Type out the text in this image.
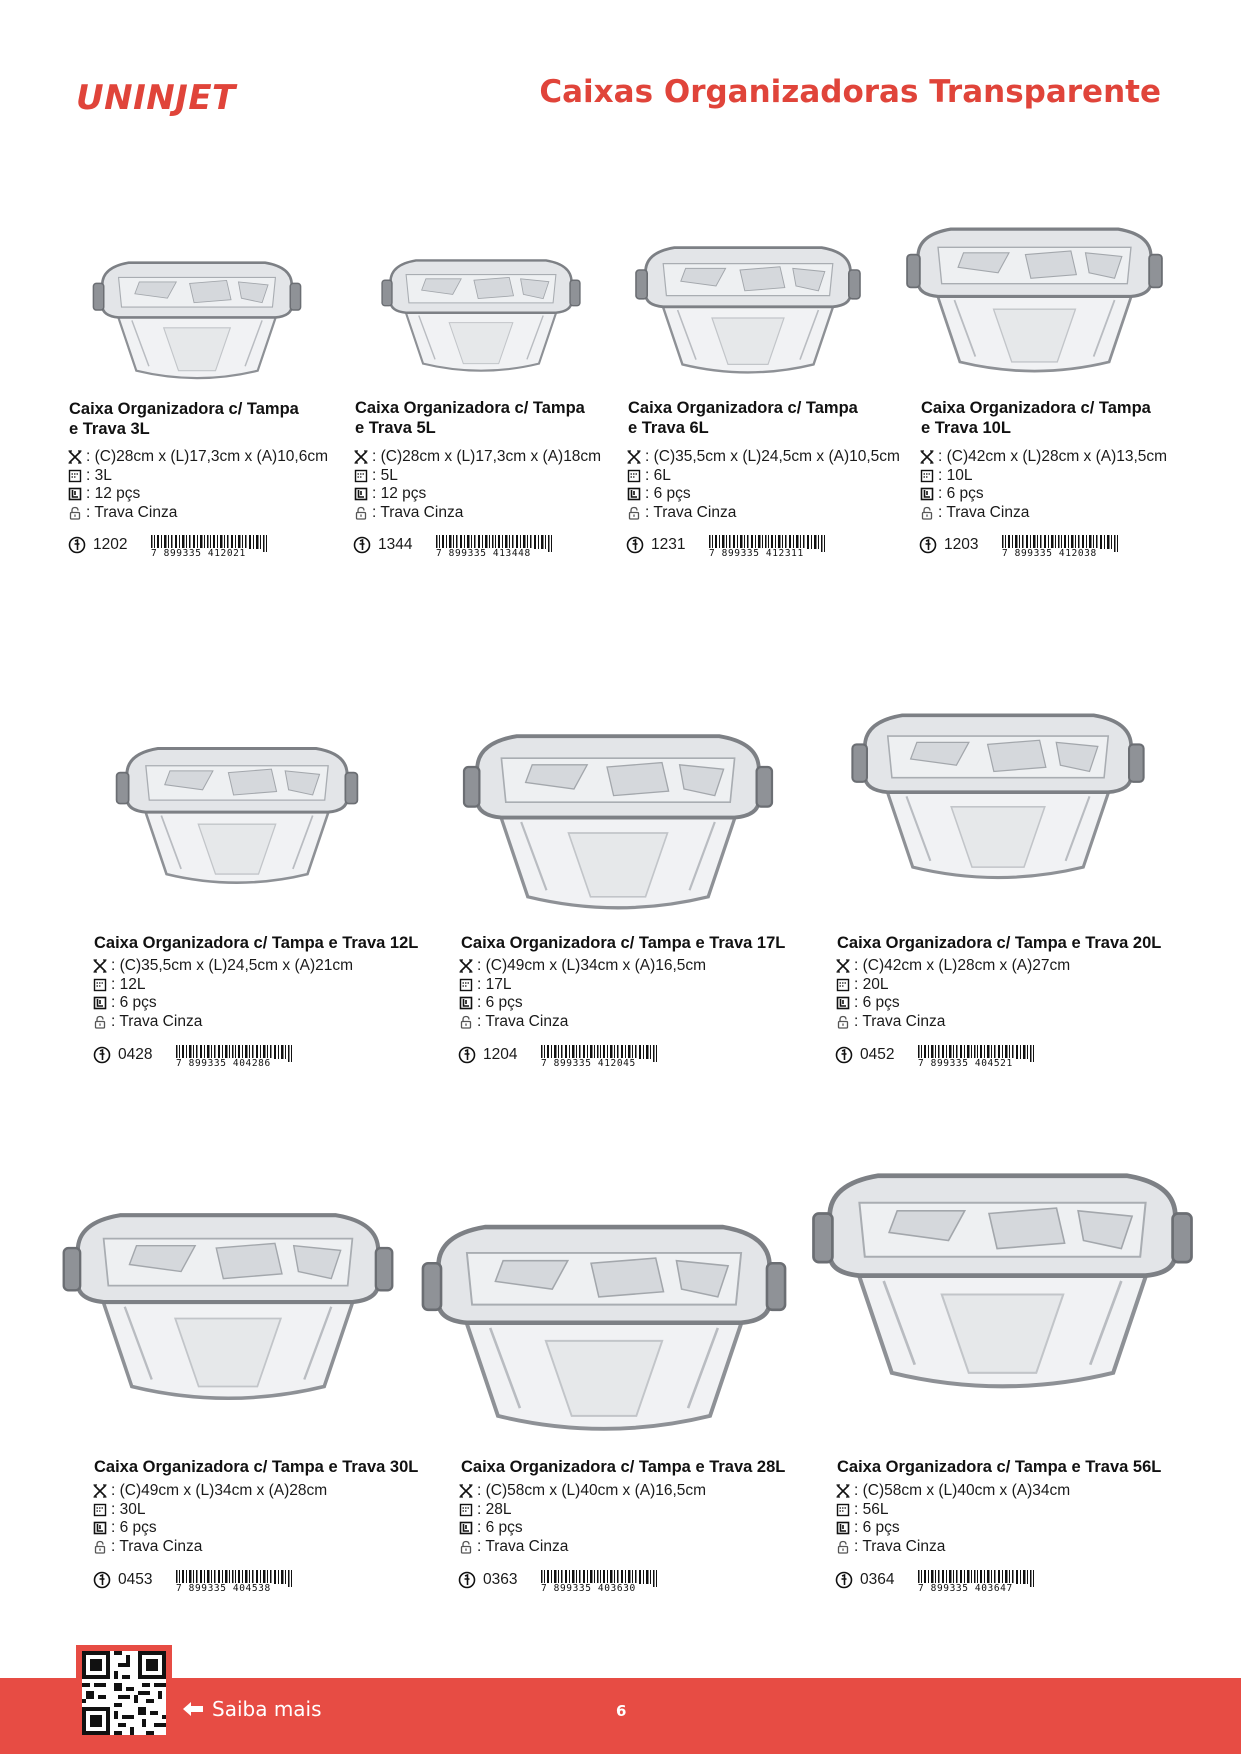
UNINJET	Caixas Organizadoras Transparente
Caixa Organizadora c/ Tampa
e Trava 3L
Caixa Organizadora c/ Tampa
e Trava 5L
Caixa Organizadora c/ Tampa
e Trava 6L
Caixa Organizadora c/ Tampa
e Trava 10L
: (C)28cm x (L)17,3cm x (A)10,6cm
: 3L
: 12 pçs
: Trava Cinza
: (C)28cm x (L)17,3cm x (A)18cm
: 5L
: 12 pçs
: Trava Cinza
: (C)35,5cm x (L)24,5cm x (A)10,5cm
: 6L
: 6 pçs
: Trava Cinza
: (C)42cm x (L)28cm x (A)13,5cm
: 10L
: 6 pçs
: Trava Cinza
1202
7 899335 412021
1344
7 899335 413448
1231
7 899335 412311
1203
7 899335 412038
Caixa Organizadora c/ Tampa e Trava 12L	Caixa Organizadora c/ Tampa e Trava 17L	Caixa Organizadora c/ Tampa e Trava 20L
: (C)35,5cm x (L)24,5cm x (A)21cm
: 12L
: 6 pçs
: Trava Cinza
: (C)49cm x (L)34cm x (A)16,5cm
: 17L
: 6 pçs
: Trava Cinza
: (C)42cm x (L)28cm x (A)27cm
: 20L
: 6 pçs
: Trava Cinza
0428
7 899335 404286
1204
7 899335 412045
0452
7 899335 404521
Caixa Organizadora c/ Tampa e Trava 30L	Caixa Organizadora c/ Tampa e Trava 28L	Caixa Organizadora c/ Tampa e Trava 56L
: (C)49cm x (L)34cm x (A)28cm
: 30L
: 6 pçs
: Trava Cinza
: (C)58cm x (L)40cm x (A)16,5cm
: 28L
: 6 pçs
: Trava Cinza
: (C)58cm x (L)40cm x (A)34cm
: 56L
: 6 pçs
: Trava Cinza
0453
7 899335 404538
0363
7 899335 403630
0364
7 899335 403647
Saiba mais	6
